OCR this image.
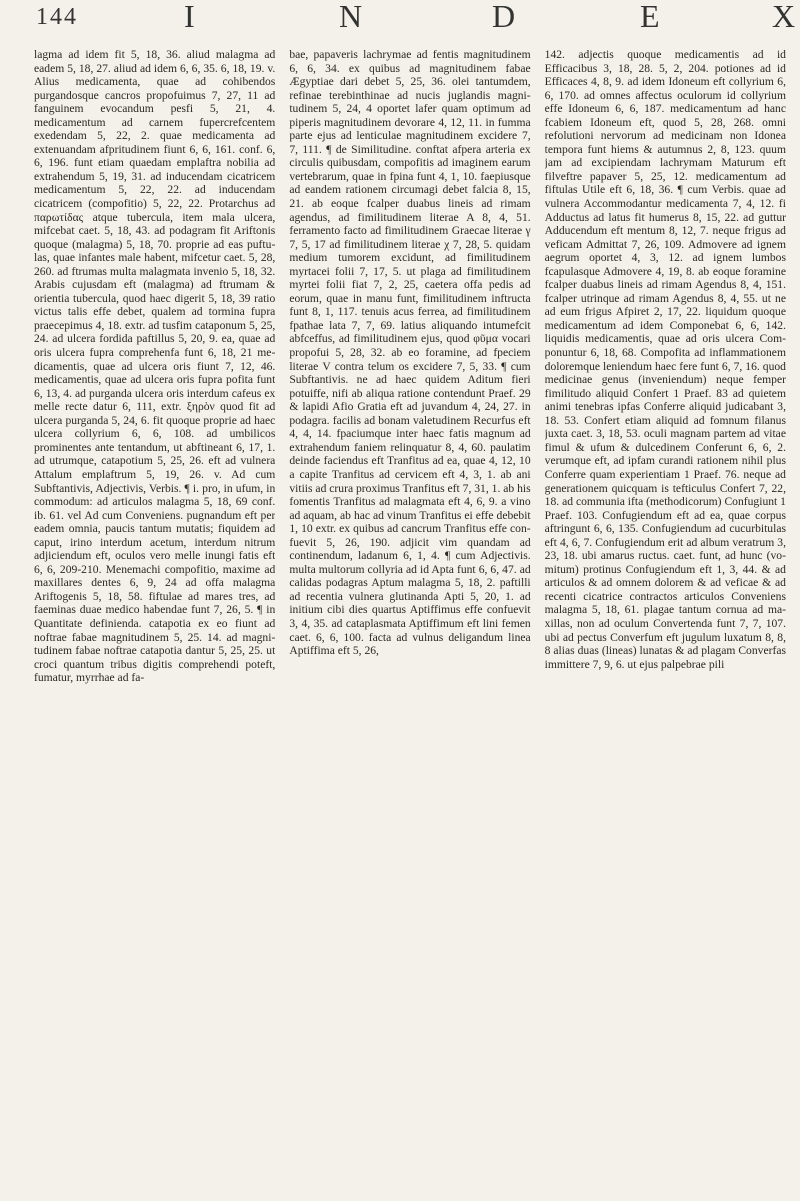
144	I	N	D	E	X

lagma ad idem fit 5, 18, 36. aliud malagma ad eadem 5, 18, 27. aliud ad idem 6, 6, 35. 6, 18, 19. v. Alius medicamenta, quae ad cohibendos purgandosque cancros propofuimus 7, 27, 11 ad fanguinem evocandum pesfi 5, 21, 4. medicamentum ad carnem fupercrefcentem exedendam 5, 22, 2. quae medicamenta ad extenuandam afpritudinem fiunt 6, 6, 161. conf. 6, 6, 196. funt etiam quaedam emplaftra nobilia ad extrahendum 5, 19, 31. ad inducendam cicatricem medicamentum 5, 22, 22. ad inducendam cicatricem (compofitio) 5, 22, 22. Protarchus ad παρωτίδας atque tubercula, item mala ulcera, mifcebat caet. 5, 18, 43. ad podagram fit Ariftonis quoque (malagma) 5, 18, 70. proprie ad eas puftulas, quae infantes male habent, mifcetur caet. 5, 28, 260. ad ftrumas multa malagmata invenio 5, 18, 32. Arabis cujusdam eft (malagma) ad ftrumam & orientia tubercula, quod haec digerit 5, 18, 39 ratio victus talis effe debet, qualem ad tormina fupra praecepimus 4, 18. extr. ad tusfim cataponum 5, 25, 24. ad ulcera fordida paftillus 5, 20, 9. ea, quae ad oris ulcera fupra comprehenfa funt 6, 18, 21 medicamentis, quae ad ulcera oris fiunt 7, 12, 46. medicamentis, quae ad ulcera oris fupra pofita funt 6, 13, 4. ad purganda ulcera oris interdum cafeus ex melle recte datur 6, 111, extr. ξηρὸν quod fit ad ulcera purganda 5, 24, 6. fit quoque proprie ad haec ulcera collyrium 6, 6, 108. ad umbilicos prominentes ante tentandum, ut abftineant 6, 17, 1. ad utrumque, catapotium 5, 25, 26. eft ad vulnera Attalum emplaftrum 5, 19, 26. v. Ad cum Subftantivis, Adjectivis, Verbis. ¶ i. pro, in ufum, in commodum: ad articulos malagma 5, 18, 69 conf. ib. 61. vel Ad cum Conveniens. pugnandum eft per eadem omnia, paucis tantum mutatis; fiquidem ad caput, irino interdum acetum, interdum nitrum adjiciendum eft, oculos vero melle inungi fatis eft 6, 6, 209-210. Menemachi compofitio, maxime ad maxillares dentes 6, 9, 24 ad offa malagma Ariftogenis 5, 18, 58. fiftulae ad mares tres, ad faeminas duae medico habendae funt 7, 26, 5. ¶ in Quantitate definienda. catapotia ex eo fiunt ad noftrae fabae magnitudinem 5, 25. 14. ad magnitudinem fabae noftrae catapotia dantur 5, 25, 25. ut croci quantum tribus digitis comprehendi poteft, fumatur, myrrhae ad fa-

bae, papaveris lachrymae ad fentis magnitudinem 6, 6, 34. ex quibus ad magnitudinem fabae Ægyptiae dari debet 5, 25, 36. olei tantumdem, refinae terebinthinae ad nucis juglandis magnitudinem 5, 24, 4 oportet lafer quam optimum ad piperis magnitudinem devorare 4, 12, 11. in fumma parte ejus ad lenticulae magnitudinem excidere 7, 7, 111. ¶ de Similitudine. conftat afpera arteria ex circulis quibusdam, compofitis ad imaginem earum vertebrarum, quae in fpina funt 4, 1, 10. faepiusque ad eandem rationem circumagi debet falcia 8, 15, 21. ab eoque fcalper duabus lineis ad rimam agendus, ad fimilitudinem literae A 8, 4, 51. ferramento facto ad fimilitudinem Graecae literae γ 7, 5, 17 ad fimilitudinem literae χ 7, 28, 5. quidam medium tumorem excidunt, ad fimilitudinem myrtacei folii 7, 17, 5. ut plaga ad fimilitudinem myrtei folii fiat 7, 2, 25, caetera offa pedis ad eorum, quae in manu funt, fimilitudinem inftructa funt 8, 1, 117. tenuis acus ferrea, ad fimilitudinem fpathae lata 7, 7, 69. latius aliquando intumefcit abfceffus, ad fimilitudinem ejus, quod φῦμα vocari propofui 5, 28, 32. ab eo foramine, ad fpeciem literae V contra telum os excidere 7, 5, 33. ¶ cum Subftantivis. ne ad haec quidem Aditum fieri potuiffe, nifi ab aliqua ratione contendunt Praef. 29 & lapidi Afio Gratia eft ad juvandum 4, 24, 27. in podagra. facilis ad bonam valetudinem Recurfus eft 4, 4, 14. fpaciumque inter haec fatis magnum ad extrahendum faniem relinquatur 8, 4, 60. paulatim deinde faciendus eft Tranfitus ad ea, quae 4, 12, 10 a capite Tranfitus ad cervicem eft 4, 3, 1. ab ani vitiis ad crura proximus Tranfitus eft 7, 31, 1. ab his fomentis Tranfitus ad malagmata eft 4, 6, 9. a vino ad aquam, ab hac ad vinum Tranfitus ei effe debebit 1, 10 extr. ex quibus ad cancrum Tranfitus effe confuevit 5, 26, 190. adjicit vim quandam ad continendum, ladanum 6, 1, 4. ¶ cum Adjectivis. multa multorum collyria ad id Apta funt 6, 6, 47. ad calidas podagras Aptum malagma 5, 18, 2. paftilli ad recentia vulnera glutinanda Apti 5, 20, 1. ad initium cibi dies quartus Aptiffimus effe confuevit 3, 4, 35. ad cataplasmata Aptiffimum eft lini femen caet. 6, 6, 100. facta ad vulnus deligandum linea Aptiffima eft 5, 26,

142. adjectis quoque medicamentis ad id Efficacibus 3, 18, 28. 5, 2, 204. potiones ad id Efficaces 4, 8, 9. ad idem Idoneum eft collyrium 6, 6, 170. ad omnes affectus oculorum id collyrium effe Idoneum 6, 6, 187. medicamentum ad hanc fcabiem Idoneum eft, quod 5, 28, 268. omni refolutioni nervorum ad medicinam non Idonea tempora funt hiems & autumnus 2, 8, 123. quum jam ad excipiendam lachrymam Maturum eft filveftre papaver 5, 25, 12. medicamentum ad fiftulas Utile eft 6, 18, 36. ¶ cum Verbis. quae ad vulnera Accommodantur medicamenta 7, 4, 12. fi Adductus ad latus fit humerus 8, 15, 22. ad guttur Adducendum eft mentum 8, 12, 7. neque frigus ad veficam Admittat 7, 26, 109. Admovere ad ignem aegrum oportet 4, 3, 12. ad ignem lumbos fcapulasque Admovere 4, 19, 8. ab eoque foramine fcalper duabus lineis ad rimam Agendus 8, 4, 151. fcalper utrinque ad rimam Agendus 8, 4, 55. ut ne ad eum frigus Afpiret 2, 17, 22. liquidum quoque medicamentum ad idem Componebat 6, 6, 142. liquidis medicamentis, quae ad oris ulcera Componuntur 6, 18, 68. Compofita ad inflammationem doloremque leniendum haec fere funt 6, 7, 16. quod medicinae genus (inveniendum) neque femper fimilitudo aliquid Confert 1 Praef. 83 ad quietem animi tenebras ipfas Conferre aliquid judicabant 3, 18. 53. Confert etiam aliquid ad fomnum filanus juxta caet. 3, 18, 53. oculi magnam partem ad vitae fimul & ufum & dulcedinem Conferunt 6, 6, 2. verumque eft, ad ipfam curandi rationem nihil plus Conferre quam experientiam 1 Praef. 76. neque ad generationem quicquam is tefticulus Confert 7, 22, 18. ad communia ifta (methodicorum) Confugiunt 1 Praef. 103. Confugiendum eft ad ea, quae corpus aftringunt 6, 6, 135. Confugiendum ad cucurbitulas eft 4, 6, 7. Confugiendum erit ad album veratrum 3, 23, 18. ubi amarus ructus. caet. funt, ad hunc (vomitum) protinus Confugiendum eft 1, 3, 44. & ad articulos & ad omnem dolorem & ad veficae & ad recenti cicatrice contractos articulos Conveniens malagma 5, 18, 61. plagae tantum cornua ad maxillas, non ad oculum Convertenda funt 7, 7, 107. ubi ad pectus Converfum eft jugulum luxatum 8, 8, 8 alias duas (lineas) lunatas & ad plagam Converfas immittere 7, 9, 6. ut ejus palpebrae pili
